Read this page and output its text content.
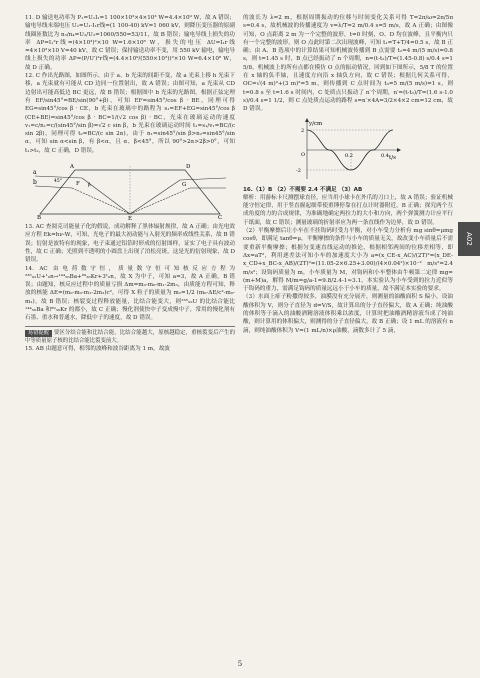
11. D 输送电功率为 P₁=U₁I₁=1 100×10³×4×10³ W=4.4×10⁹ W，故 A 错误；输电导线末端电压 U₂=U₁-I₁r线=(1 100-40) kV=1 060 kV，则降压变压器的原副线圈匝数比为 n₃/n₄=U₂/U₃=1060/550=53/11，故 B 错误；输电导线上损失的功率 ΔP=I₁²r线=(4×10³)²×10 W=1.6×10⁸ W，损失的电压 ΔU=I₁r线=4×10³×10 V=40 kV，故 C 错误；保持输送功率不变，用 550 kV 输电，输电导线上损失的功率 ΔP=(P/U′)²r线=(4.4×10⁹/(550×10³))²×10 W=6.4×10⁸ W，故 D 正确。

12. C 作出光路图，如图所示。由于 a、b 光束的间距不变，故 a 光束上移 h 光束下移，a 光束就有可能从 CD 边同一位置射出，故 A 错误；由图可知，a 光束从 CD 边射出可能高低边 BC 更远，故 B 错误；根据图中 b 光束的光路图，根据正弦定理有 EF/sin45°=BE/sin(90°+β)，可知 EF=sin45°/cos β · BE，同理可得 EG=sin45°/cos β · CE，b 光束在玻璃中的路程为 s₁=EF+EG=sin45°/cos β (CE+BE)=sin45°/cos β · BC=1/(√2 cos β) · BC，光束在玻璃运动的速度 v₁=c/n₁=c/(sin45°/sin β)=√2 c sin β，b 光束在玻璃运动时间 t₁=s₁/v₁=BC/(c sin 2β)，同理可得 t₂=BC/(c sin 2α)，由于 n₁=sin45°/sin β>n₂=sin45°/sin α，可知 sin α<sin β，有 β<α，且 α、β<45°，所以 90°>2α>2β>0°，可知 t₁>t₂，故 C 正确，D 错误。

a
b
A
B	C
D
E
F	G
45°
β

13. AC 查阅克司能量子化的假说，成功解释了黑体辐射规律，故 A 正确；由光电效应方程 Ek=hν-W，可知，光电子的最大初动能与入射光的频率成线性关系，故 B 错误；衍射是波特有的现象，电子束通过铝箔时形成的衍射图样，证实了电子具有波动性，故 C 正确；光照到不透明的小圆盘上出现了泊松亮斑，这是光的衍射现象，故 D 错误。

14. AC 由电荷数守恒，质量数守恒可知核反应方程为 ²³⁵₉₂U+¹₀n→¹⁴⁴₅₆Ba+⁸⁹₃₆Kr+3¹₀n，故 X 为中子，可知 a=3，故 A 正确，B 错误；由题知，核反应过程中的质量亏损 Δm=m₀-m₀-m₁-2m₃，由质能方程可知，释放的核能 ΔE=(m₀-m₀-m₁-2m₃)c²，可得 X 粒子的质量为 m₂=1/2 (m₀-ΔE/c²-m₀-m₁)，故 B 错误；核裂变过程释放能量，比结合能变大，则²³⁵₉₂U 的比结合能比¹⁴⁴₅₆Ba 和⁸⁹₃₆Kr 的都小，故 C 正确；慢化剂使快中子变成慢中子，常用的慢化剂有石墨、重水和普通水，降低中子的速度，故 D 错误。

易错提醒 要区分结合能和比结合能，比结合能越大，原核越稳定，重核裂变后产生的中等质量原子核的比结合能比裂变前大。

15. AB 由题意可得，相邻的波峰和波谷距离为 1 m，故波

的波长为 λ=2 m，根据周期振动的位移与时间变化关系可得 T=2π/ω=2π/5π s=0.4 s，故机械波的传播速度为 v=λ/T=2 m/0.4 s=5 m/s，故 A 正确；由图像可知，O 点距离 2 m 为一个完整的波形，t=0 时刻，O、D 均在波峰，且平衡内只有一个完整的波形，则 O 点此时第二次出现波峰，可知 t₁=T+T/4=0.5 s，故 B 正确；由 A、B 选项中的计算结果可知机械波传播到 B 点需要 t₂=4 m/(5 m/s)=0.8 s，则 t=1.45 s 时，B 点已经振动了 n 个周期，n=(t-t₂)/T=(1.45-0.8) s/0.4 s=1 5/8，机械波上的所有点都在模仿 O 点的振动情况，回到如下图所示，5/8 T 的位置在 x 轴的负半轴，且速度方向沿 x 轴负方向，故 C 错误；根据几何关系可得，OC=√(4 m)²+(3 m)²=5 m，则传播到 C 点时间为 t₃=5 m/(5 m/s)=1 s，则 t=0.8 s 至 t=1.6 s 时间内，C 处质点只振动了 n′个周期，n′=(t-t₃)/T=(1.6 s-1.0 s)/0.4 s=1 1/2，则 C 点处质点运动的路程 s=n′×4A=3/2×4×2 cm=12 cm，故 D 错误。

y/cm
t/s
2
-2
O	0.2	0.4

16.（1）B （2）不需要 2.4 不满足 （3）AB

解析：用游标卡尺测摆球直径，应当用小球卡在外爪的刀口上，故 A 错误；验证机械能守恒定律，用于竖直握起细带使重锤停靠在打点计时器附近，B 正确；探究两个互成角度的力的合成规律，为准确地确定两拉力的大小和方向，两个弹簧测力计应平行于纸面，故 C 错误；测量玻璃的折射率应为两一条直线作为边界，故 D 错误。

（2）平衡摩擦后让小车在不挂钩码时受力平衡，对小车受力分析有 mg sinθ=μmg cosθ，即满足 tanθ=μ，平衡摩擦的条件与小车的质量无关，故改变小车质量后不需要重新平衡摩擦；根据匀变速直线运动的推论，根据相邻两间的位移差相等，即 Δx=aT²，利用逐差法可知小车的加速度大小为 a=(x_CE-x_AC)/(2T)²=(x_DE-x_CD+x_BC-x_AB)/(2T)²=(11.05-2×6.25+3.00)/(4×0.04²)×10⁻² m/s²=2.4 m/s²；设钩码质量为 m，小车质量为 M，对钩码和小车整体由牛顿第二定律 mg=(m+M)a，解得 M/m=g/a-1=9.8/2.4-1≈3.1，本实验认为小车受到的拉力近似等于钩码的重力，需满足钩码的质量远远小于小车的质量，故不满足本实验的要求。

（3）水面上痱子粉撒得较多，油膜没有充分展开，则测量的油酸面积 S 偏小，设油酸体积为 V，则分子直径为 d=V/S，故计算出的分子直径偏大，故 A 正确；纯油酸的体积等于滴入的油酸酒精溶液体积乘以浓度，计算时把油酸酒精溶液当成了纯油酸，则计算用的体积偏大，则测得的分子直径偏大，故 B 正确；设 1 mL 的溶液有 n 滴，则纯油酸体积为 V=(1 mL/n)×ρ油酸，滴数多计了 5 滴，

A02
5
